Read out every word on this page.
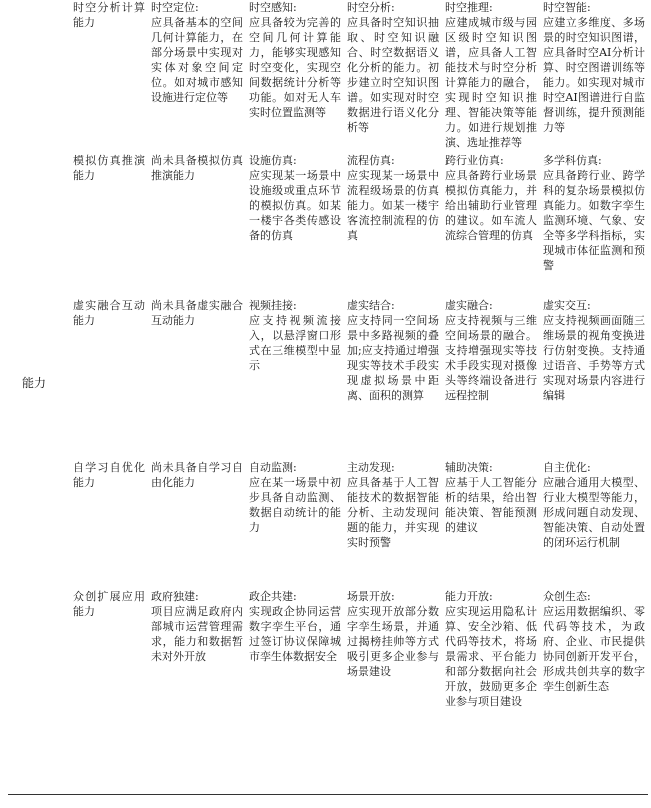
能力	时空分析计算能力	时空定位:
应具备基本的空间几何计算能力，在部分场景中实现对实体对象空间定位。如对城市感知设施进行定位等	时空感知:
应具备较为完善的空间几何计算能力，能够实现感知时空变化，实现空间数据统计分析等功能。如对无人车实时位置监测等	时空分析:
应具备时空知识抽取、时空知识融合、时空数据语义化分析的能力。初步建立时空知识图谱。如实现对时空数据进行语义化分析等	时空推理:
应建成城市级与园区级时空知识图谱，应具备人工智能技术与时空分析计算能力的融合，实现时空知识推理、智能决策等能力。如进行规划推演、选址推荐等	时空智能:
应建立多维度、多场景的时空知识图谱，应具备时空AI分析计算、时空图谱训练等能力。如实现对城市时空AI图谱进行自监督训练，提升预测能力等

	模拟仿真推演能力	尚未具备模拟仿真推演能力	设施仿真:
应实现某一场景中设施级或重点环节的模拟仿真。如某一楼宇各类传感设备的仿真	流程仿真:
应实现某一场景中流程级场景的仿真能力。如某一楼宇客流控制流程的仿真	跨行业仿真:
应具备跨行业场景模拟仿真能力，并给出辅助行业管理的建议。如车流人流综合管理的仿真	多学科仿真:
应具备跨行业、跨学科的复杂场景模拟仿真能力。如数字孪生监测环境、气象、安全等多学科指标，实现城市体征监测和预警

	虚实融合互动能力	尚未具备虚实融合互动能力	视频挂接:
应支持视频流接入，以悬浮窗口形式在三维模型中显示	虚实结合:
应支持同一空间场景中多路视频的叠加;应支持通过增强现实等技术手段实现虚拟场景中距离、面积的测算	虚实融合:
应支持视频与三维空间场景的融合。支持增强现实等技术手段实现对摄像头等终端设备进行远程控制	虚实交互:
应支持视频画面随三维场景的视角变换进行仿射变换。支持通过语音、手势等方式实现对场景内容进行编辑

	自学习自优化能力	尚未具备自学习自由化能力	自动监测:
应在某一场景中初步具备自动监测、数据自动统计的能力	主动发现:
应具备基于人工智能技术的数据智能分析、主动发现问题的能力，并实现实时预警	辅助决策:
应基于人工智能分析的结果，给出智能决策、智能预测的建议	自主优化:
应融合通用大模型、行业大模型等能力，形成问题自动发现、智能决策、自动处置的闭环运行机制

	众创扩展应用能力	政府独建:
项目应满足政府内部城市运营管理需求，能力和数据暂未对外开放	政企共建:
实现政企协同运营数字孪生平台，通过签订协议保障城市孪生体数据安全	场景开放:
应实现开放部分数字孪生场景，并通过揭榜挂帅等方式吸引更多企业参与场景建设	能力开放:
应实现运用隐私计算、安全沙箱、低代码等技术，将场景需求、平台能力和部分数据向社会开放，鼓励更多企业参与项目建设	众创生态:
应运用数据编织、零代码等技术，为政府、企业、市民提供协同创新开发平台，形成共创共享的数字孪生创新生态
